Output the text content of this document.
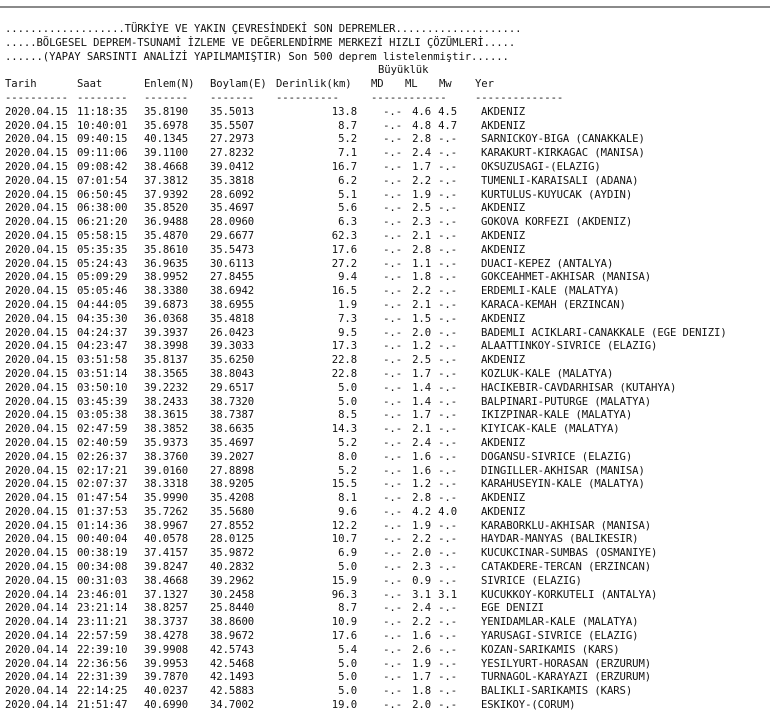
...................TÜRKİYE VE YAKIN ÇEVRESİNDEKİ SON DEPREMLER....................
.....BÖLGESEL DEPREM-TSUNAMİ İZLEME VE DEĞERLENDİRME MERKEZİ HIZLI ÇÖZÜMLERİ.....
......(YAPAY SARSINTI ANALİZİ YAPILMAMIŞTIR) Son 500 deprem listelenmiştir......
Büyüklük
Tarih	Saat	Enlem(N) Boylam(E) Derinlik(km) MD ML Mw Yer
---------- -------- ------- ------- ----------	------------	--------------
2020.04.15 11:18:35 35.8190 35.5013	13.8 -.- 4.6 4.5 AKDENIZ
2020.04.15 10:40:01 35.6978 35.5507	8.7 -.- 4.8 4.7 AKDENIZ
2020.04.15 09:40:15 40.1345 27.2973	5.2 -.- 2.8 -.- SARNICKOY-BIGA (CANAKKALE)
2020.04.15 09:11:06 39.1100 27.8232	7.1 -.- 2.4 -.- KARAKURT-KIRKAGAC (MANISA)
2020.04.15 09:08:42 38.4668 39.0412	16.7 -.- 1.7 -.- OKSUZUSAGI-(ELAZIG)
2020.04.15 07:01:54 37.3812 35.3818	6.2 -.- 2.2 -.- TUMENLI-KARAISALI (ADANA)
2020.04.15 06:50:45 37.9392 28.6092	5.1 -.- 1.9 -.- KURTULUS-KUYUCAK (AYDIN)
2020.04.15 06:38:00 35.8520 35.4697	5.6 -.- 2.5 -.- AKDENIZ
2020.04.15 06:21:20 36.9488 28.0960	6.3 -.- 2.3 -.- GOKOVA KORFEZI (AKDENIZ)
2020.04.15 05:58:15 35.4870 29.6677	62.3 -.- 2.1 -.- AKDENIZ
2020.04.15 05:35:35 35.8610 35.5473	17.6 -.- 2.8 -.- AKDENIZ
2020.04.15 05:24:43 36.9635 30.6113	27.2 -.- 1.1 -.- DUACI-KEPEZ (ANTALYA)
2020.04.15 05:09:29 38.9952 27.8455	9.4 -.- 1.8 -.- GOKCEAHMET-AKHISAR (MANISA)
2020.04.15 05:05:46 38.3380 38.6942	16.5 -.- 2.2 -.- ERDEMLI-KALE (MALATYA)
2020.04.15 04:44:05 39.6873 38.6955	1.9 -.- 2.1 -.- KARACA-KEMAH (ERZINCAN)
2020.04.15 04:35:30 36.0368 35.4818	7.3 -.- 1.5 -.- AKDENIZ
2020.04.15 04:24:37 39.3937 26.0423	9.5 -.- 2.0 -.- BADEMLI ACIKLARI-CANAKKALE (EGE DENIZI)
2020.04.15 04:23:47 38.3998 39.3033	17.3 -.- 1.2 -.- ALAATTINKOY-SIVRICE (ELAZIG)
2020.04.15 03:51:58 35.8137 35.6250	22.8 -.- 2.5 -.- AKDENIZ
2020.04.15 03:51:14 38.3565 38.8043	22.8 -.- 1.7 -.- KOZLUK-KALE (MALATYA)
2020.04.15 03:50:10 39.2232 29.6517	5.0 -.- 1.4 -.- HACIKEBIR-CAVDARHISAR (KUTAHYA)
2020.04.15 03:45:39 38.2433 38.7320	5.0 -.- 1.4 -.- BALPINARI-PUTURGE (MALATYA)
2020.04.15 03:05:38 38.3615 38.7387	8.5 -.- 1.7 -.- IKIZPINAR-KALE (MALATYA)
2020.04.15 02:47:59 38.3852 38.6635	14.3 -.- 2.1 -.- KIYICAK-KALE (MALATYA)
2020.04.15 02:40:59 35.9373 35.4697	5.2 -.- 2.4 -.- AKDENIZ
2020.04.15 02:26:37 38.3760 39.2027	8.0 -.- 1.6 -.- DOGANSU-SIVRICE (ELAZIG)
2020.04.15 02:17:21 39.0160 27.8898	5.2 -.- 1.6 -.- DINGILLER-AKHISAR (MANISA)
2020.04.15 02:07:37 38.3318 38.9205	15.5 -.- 1.2 -.- KARAHUSEYIN-KALE (MALATYA)
2020.04.15 01:47:54 35.9990 35.4208	8.1 -.- 2.8 -.- AKDENIZ
2020.04.15 01:37:53 35.7262 35.5680	9.6 -.- 4.2 4.0 AKDENIZ
2020.04.15 01:14:36 38.9967 27.8552	12.2 -.- 1.9 -.- KARABORKLU-AKHISAR (MANISA)
2020.04.15 00:40:04 40.0578 28.0125	10.7 -.- 2.2 -.- HAYDAR-MANYAS (BALIKESIR)
2020.04.15 00:38:19 37.4157 35.9872	6.9 -.- 2.0 -.- KUCUKCINAR-SUMBAS (OSMANIYE)
2020.04.15 00:34:08 39.8247 40.2832	5.0 -.- 2.3 -.- CATAKDERE-TERCAN (ERZINCAN)
2020.04.15 00:31:03 38.4668 39.2962	15.9 -.- 0.9 -.- SIVRICE (ELAZIG)
2020.04.14 23:46:01 37.1327 30.2458	96.3 -.- 3.1 3.1 KUCUKKOY-KORKUTELI (ANTALYA)
2020.04.14 23:21:14 38.8257 25.8440	8.7 -.- 2.4 -.- EGE DENIZI
2020.04.14 23:11:21 38.3737 38.8600	10.9 -.- 2.2 -.- YENIDAMLAR-KALE (MALATYA)
2020.04.14 22:57:59 38.4278 38.9672	17.6 -.- 1.6 -.- YARUSAGI-SIVRICE (ELAZIG)
2020.04.14 22:39:10 39.9908 42.5743	5.4 -.- 2.6 -.- KOZAN-SARIKAMIS (KARS)
2020.04.14 22:36:56 39.9953 42.5468	5.0 -.- 1.9 -.- YESILYURT-HORASAN (ERZURUM)
2020.04.14 22:31:39 39.7870 42.1493	5.0 -.- 1.7 -.- TURNAGOL-KARAYAZI (ERZURUM)
2020.04.14 22:14:25 40.0237 42.5883	5.0 -.- 1.8 -.- BALIKLI-SARIKAMIS (KARS)
2020.04.14 21:51:47 40.6990 34.7002	19.0 -.- 2.0 -.- ESKIKOY-(CORUM)
